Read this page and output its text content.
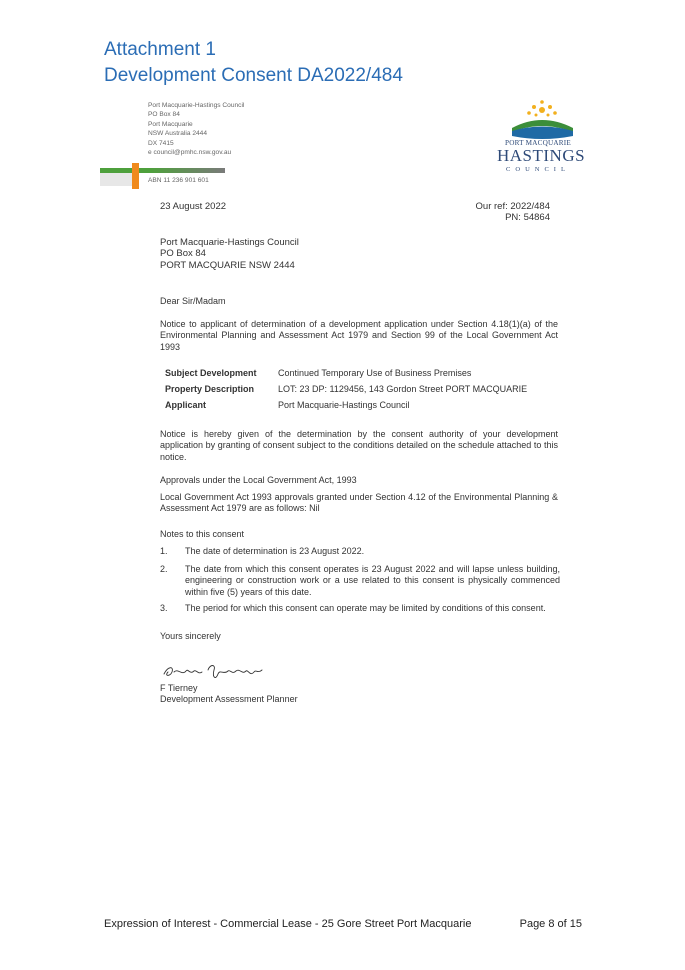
Attachment 1
Development Consent DA2022/484
Port Macquarie-Hastings Council
PO Box 84
Port Macquarie
NSW Australia 2444
DX 7415
e council@pmhc.nsw.gov.au
ABN 11 236 901 601
PORT MACQUARIE
HASTINGS
COUNCIL
23 August 2022	Our ref: 2022/484
PN: 54864
Port Macquarie-Hastings Council
PO Box 84
PORT MACQUARIE NSW 2444
Dear Sir/Madam
Notice to applicant of determination of a development application under Section 4.18(1)(a) of the Environmental Planning and Assessment Act 1979 and Section 99 of the Local Government Act 1993
Subject Development	Continued Temporary Use of Business Premises
Property Description	LOT: 23 DP: 1129456, 143 Gordon Street PORT MACQUARIE
Applicant	Port Macquarie-Hastings Council
Notice is hereby given of the determination by the consent authority of your development application by granting of consent subject to the conditions detailed on the schedule attached to this notice.
Approvals under the Local Government Act, 1993
Local Government Act 1993 approvals granted under Section 4.12 of the Environmental Planning & Assessment Act 1979 are as follows: Nil
Notes to this consent
1. The date of determination is 23 August 2022.
2. The date from which this consent operates is 23 August 2022 and will lapse unless building, engineering or construction work or a use related to this consent is physically commenced within five (5) years of this date.
3. The period for which this consent can operate may be limited by conditions of this consent.
Yours sincerely
F Tierney
Development Assessment Planner
Expression of Interest - Commercial Lease - 25 Gore Street Port Macquarie	Page 8 of 15
